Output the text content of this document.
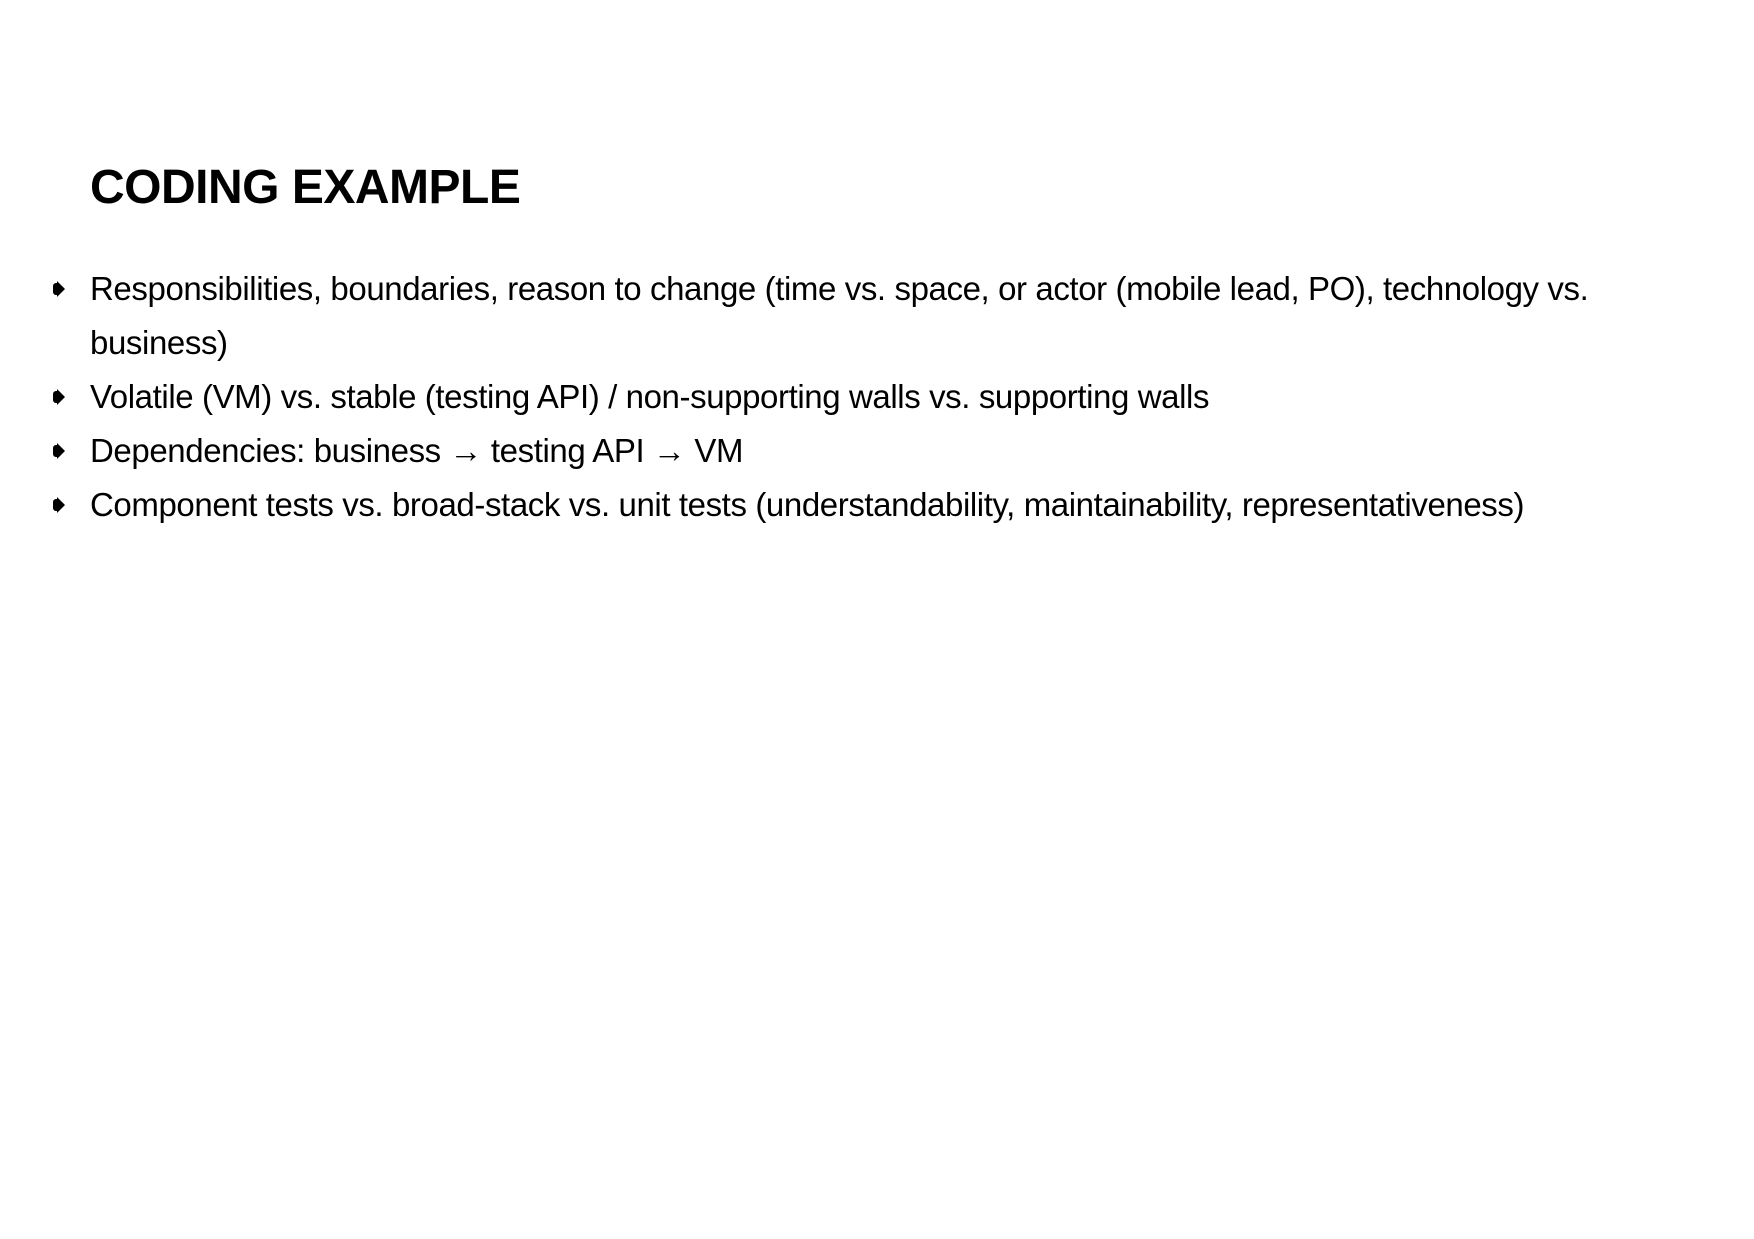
CODING EXAMPLE
Responsibilities, boundaries, reason to change (time vs. space, or actor (mobile lead, PO), technology vs. business)
Volatile (VM) vs. stable (testing API) / non-supporting walls vs. supporting walls
Dependencies: business → testing API → VM
Component tests vs. broad-stack vs. unit tests (understandability, maintainability, representativeness)
